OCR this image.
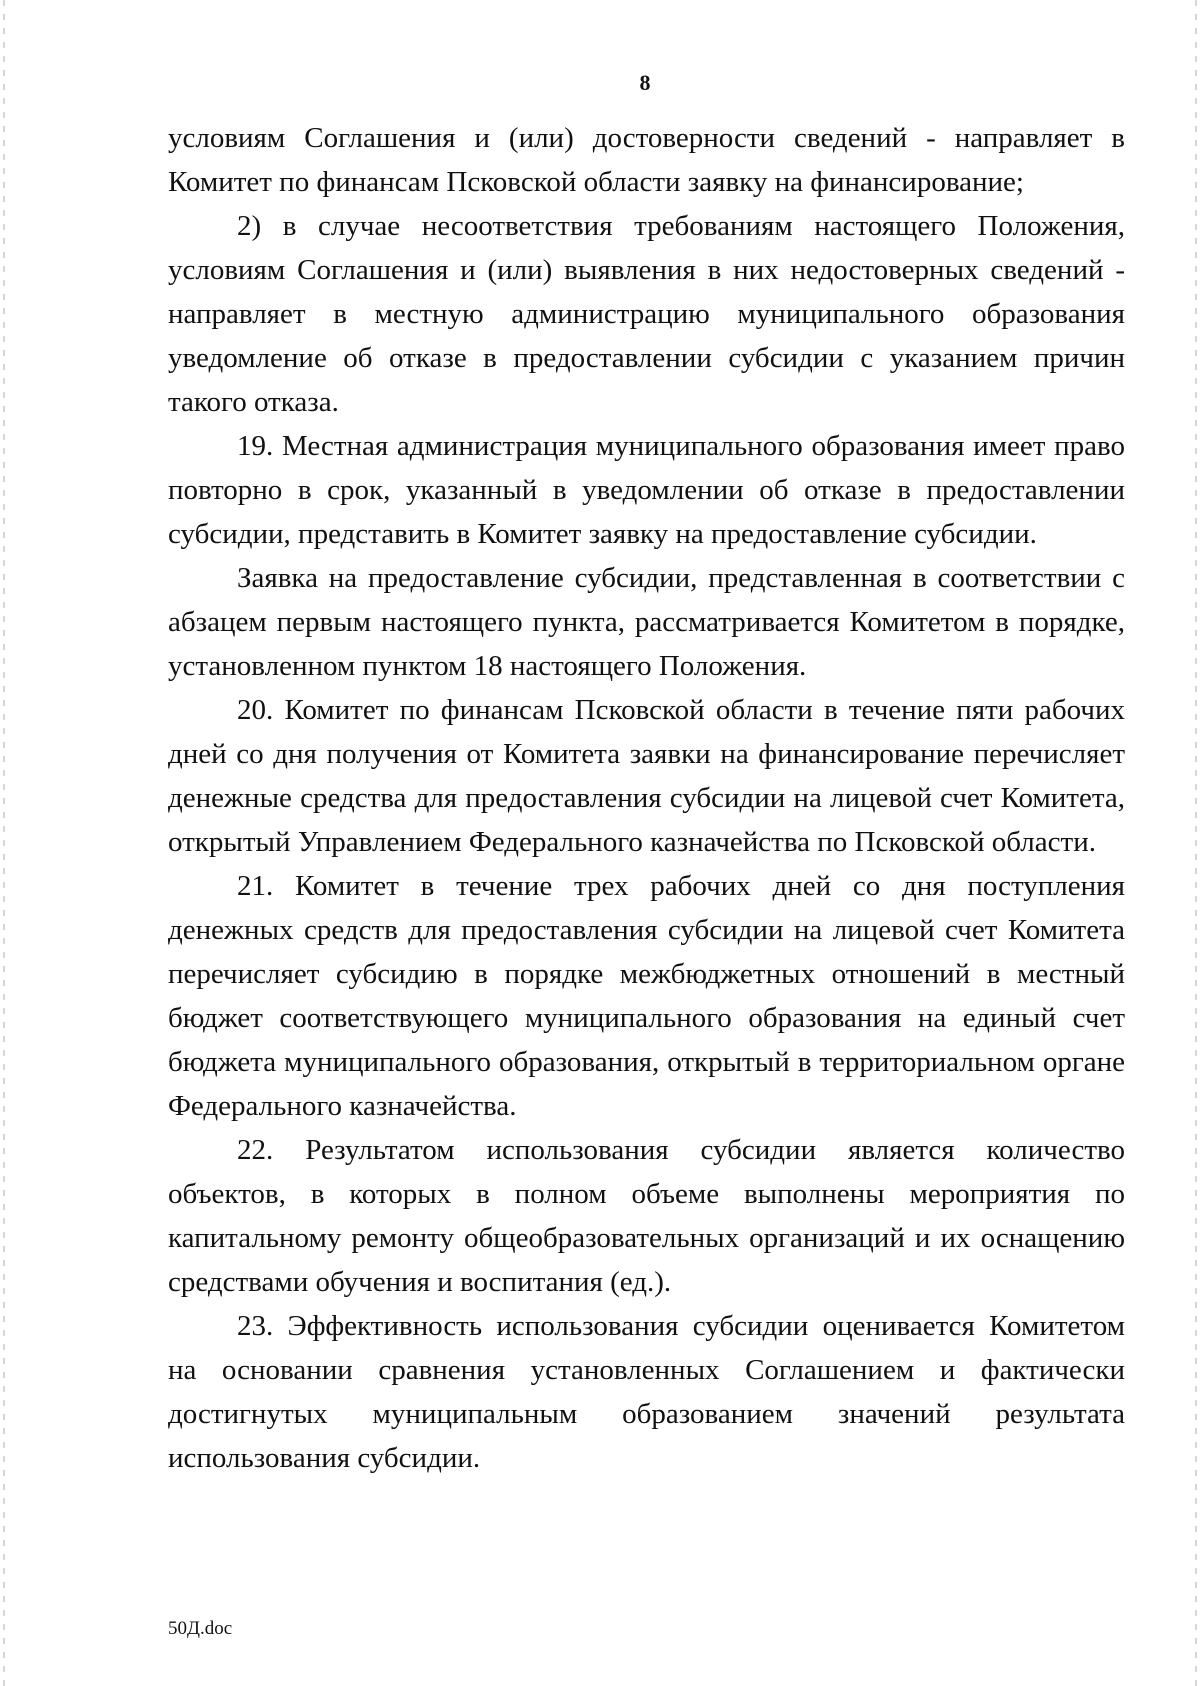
8

условиям Соглашения и (или) достоверности сведений - направляет в Комитет по финансам Псковской области заявку на финансирование;

2) в случае несоответствия требованиям настоящего Положения, условиям Соглашения и (или) выявления в них недостоверных сведений - направляет в местную администрацию муниципального образования уведомление об отказе в предоставлении субсидии с указанием причин такого отказа.

19. Местная администрация муниципального образования имеет право повторно в срок, указанный в уведомлении об отказе в предоставлении субсидии, представить в Комитет заявку на предоставление субсидии.

Заявка на предоставление субсидии, представленная в соответствии с абзацем первым настоящего пункта, рассматривается Комитетом в порядке, установленном пунктом 18 настоящего Положения.

20. Комитет по финансам Псковской области в течение пяти рабочих дней со дня получения от Комитета заявки на финансирование перечисляет денежные средства для предоставления субсидии на лицевой счет Комитета, открытый Управлением Федерального казначейства по Псковской области.

21. Комитет в течение трех рабочих дней со дня поступления денежных средств для предоставления субсидии на лицевой счет Комитета перечисляет субсидию в порядке межбюджетных отношений в местный бюджет соответствующего муниципального образования на единый счет бюджета муниципального образования, открытый в территориальном органе Федерального казначейства.

22. Результатом использования субсидии является количество объектов, в которых в полном объеме выполнены мероприятия по капитальному ремонту общеобразовательных организаций и их оснащению средствами обучения и воспитания (ед.).

23. Эффективность использования субсидии оценивается Комитетом на основании сравнения установленных Соглашением и фактически достигнутых муниципальным образованием значений результата использования субсидии.

50Д.doc
